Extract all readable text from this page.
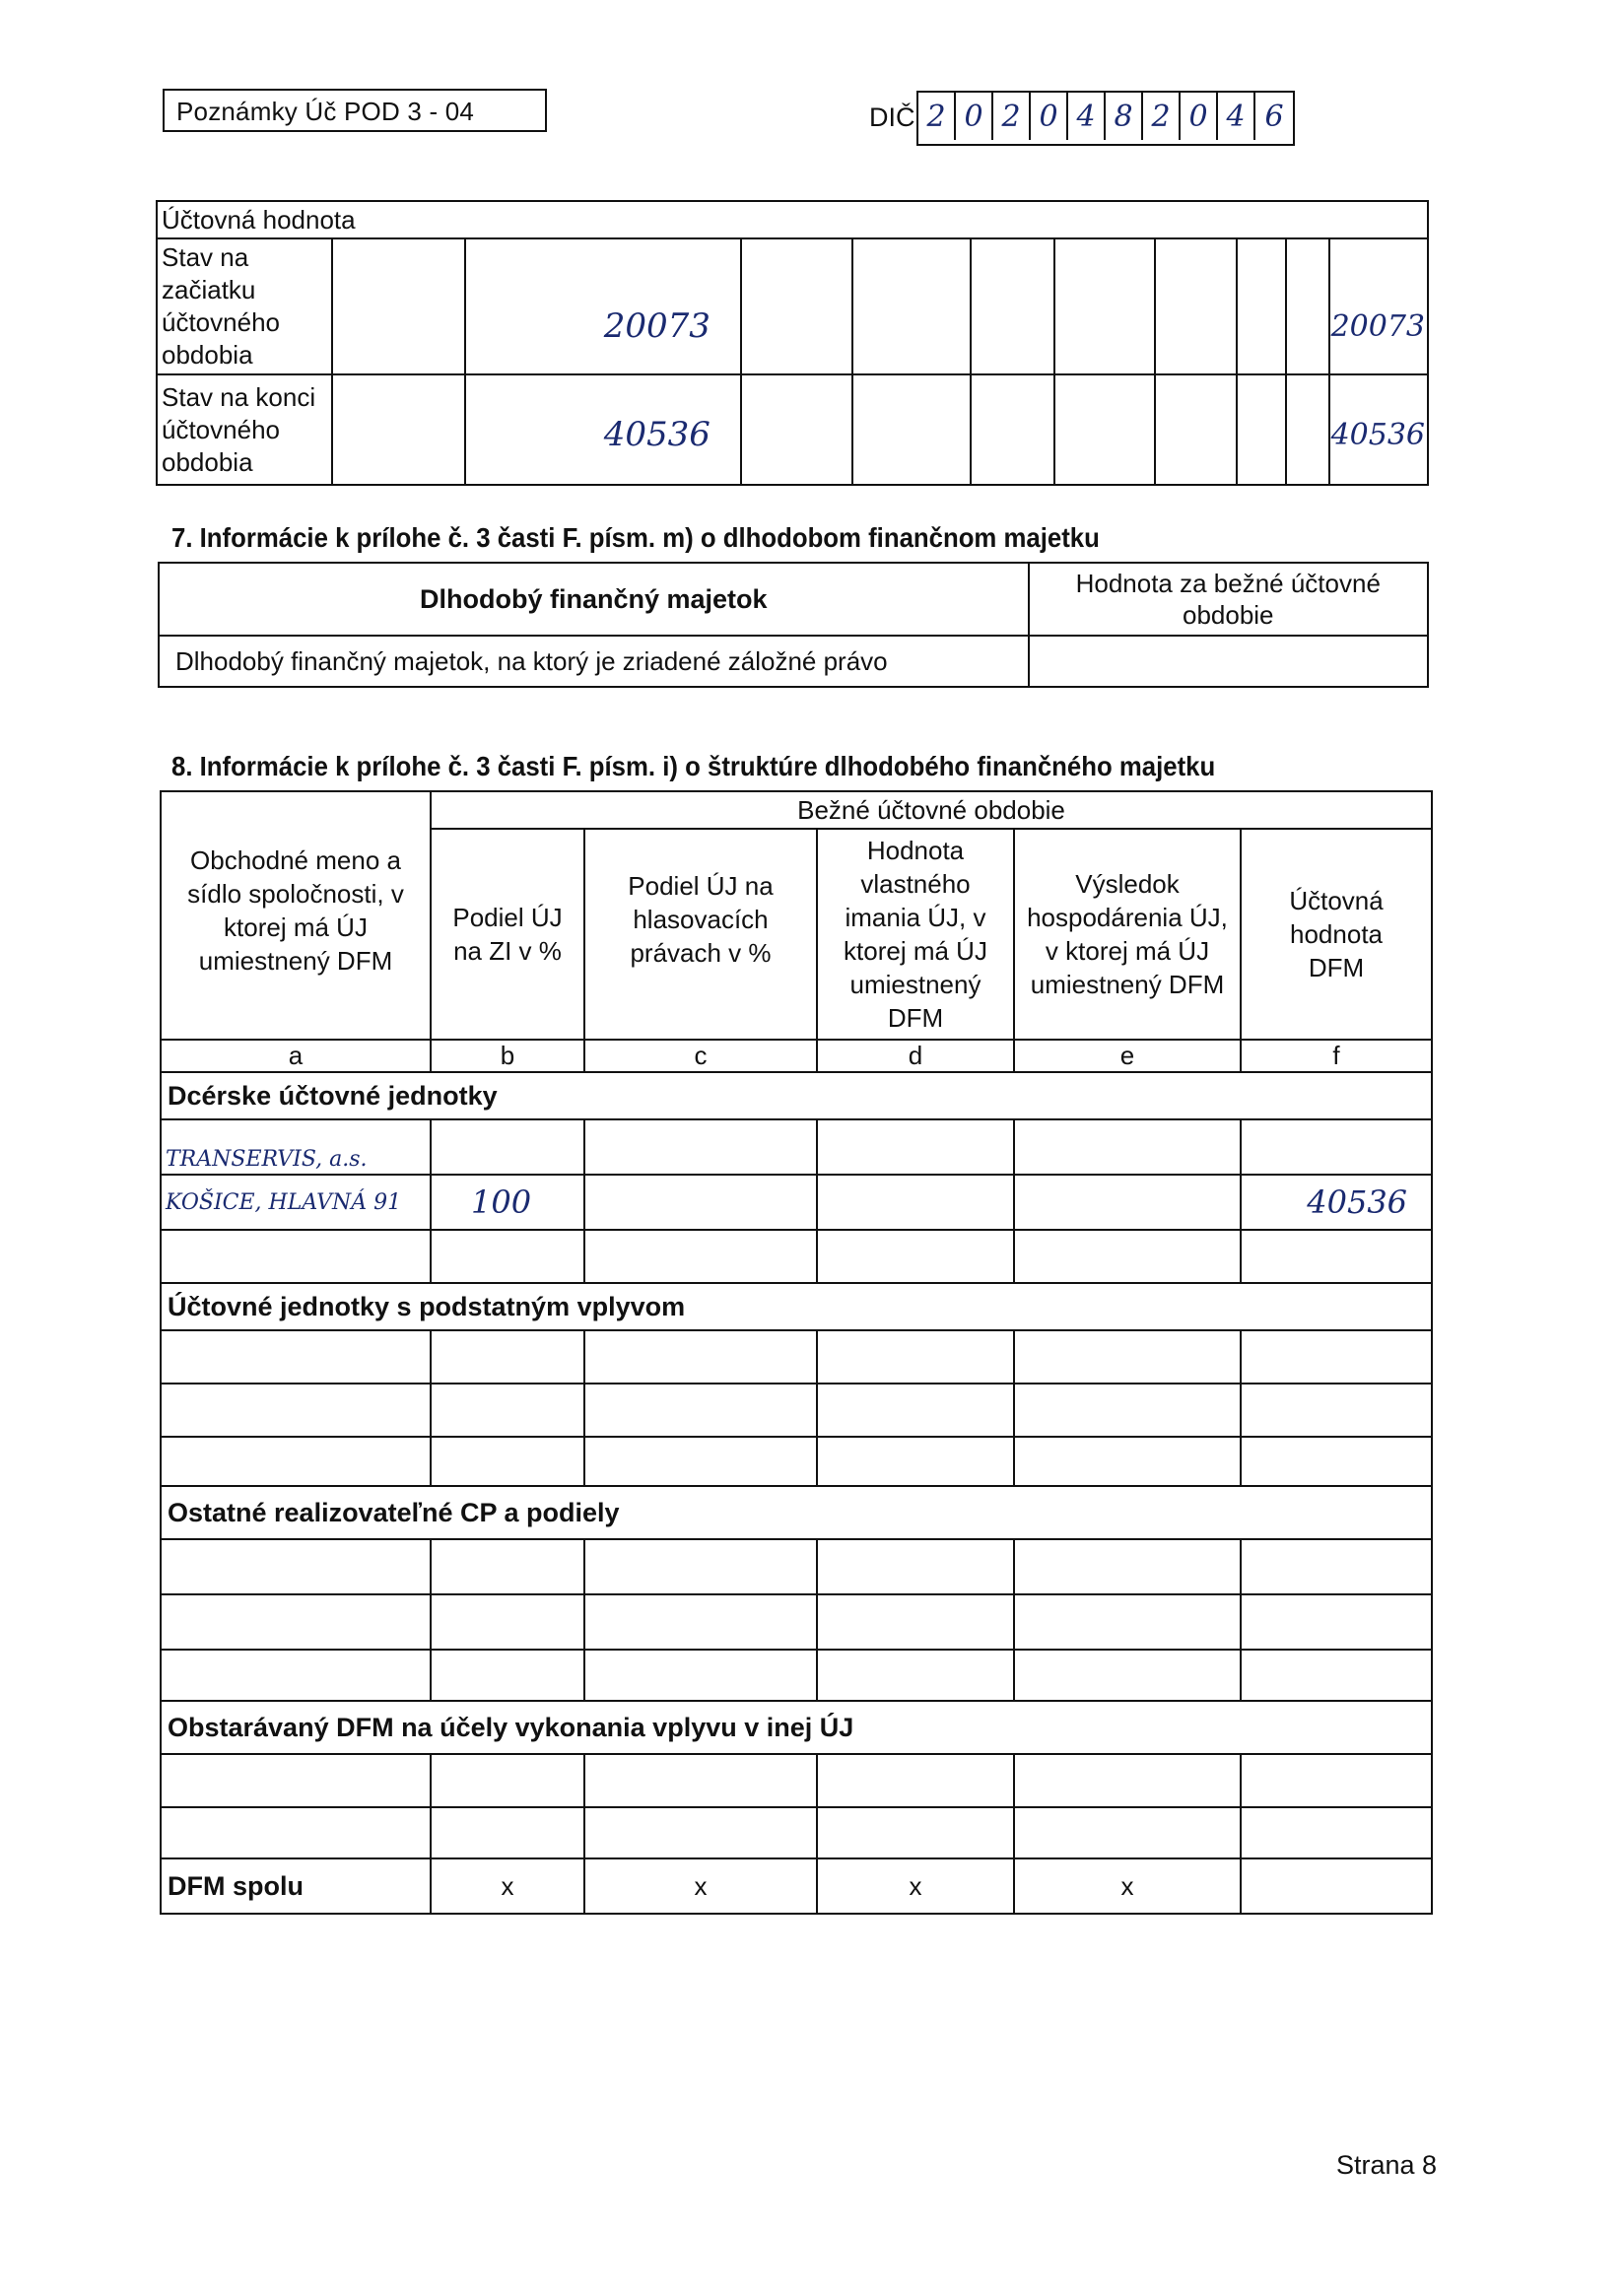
Poznámky Úč POD 3 - 04	DIČ 2 0 2 0 4 8 2 0 4 6
Účtovná hodnota										
Stav na začiatku účtovného obdobia		20073								20073
Stav na konci účtovného obdobia		40536								40536
7. Informácie k prílohe č. 3 časti F. písm. m) o dlhodobom finančnom majetku
Dlhodobý finančný majetok	Hodnota za bežné účtovné obdobie
Dlhodobý finančný majetok, na ktorý je zriadené záložné právo	
8. Informácie k prílohe č. 3 časti F. písm. i) o štruktúre dlhodobého finančného majetku
Obchodné meno a sídlo spoločnosti, v ktorej má ÚJ umiestnený DFM	Bežné účtovné obdobie				
	Podiel ÚJ na ZI v %	Podiel ÚJ na hlasovacích právach v %	Hodnota vlastného imania ÚJ, v ktorej má ÚJ umiestnený DFM	Výsledok hospodárenia ÚJ, v ktorej má ÚJ umiestnený DFM	Účtovná hodnota DFM
a	b	c	d	e	f
Dcérske účtovné jednotky					
TRANSERVIS, a.s.					
KOŠICE, HLAVNÁ 91	100				40536

Účtovné jednotky s podstatným vplyvom					

Ostatné realizovateľné CP a podiely					

Obstarávaný DFM na účely vykonania vplyvu v inej ÚJ					

DFM spolu	x	x	x	x	
Strana 8
